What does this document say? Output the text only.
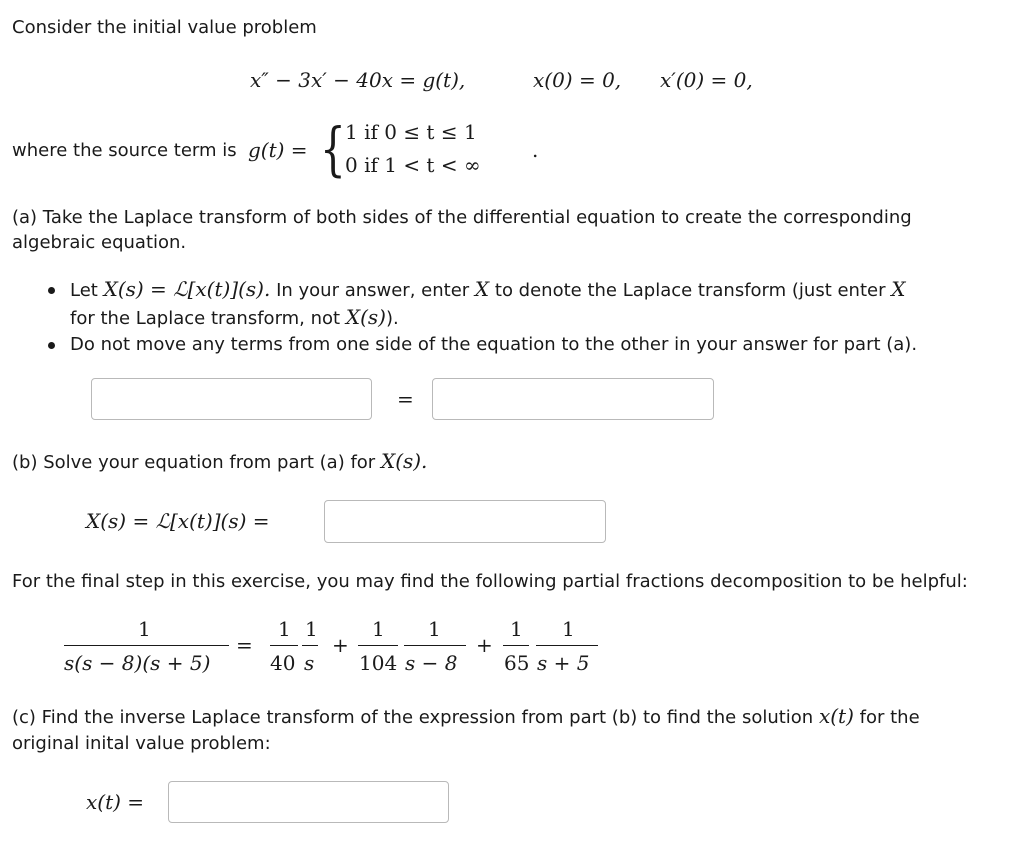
Consider the initial value problem
x″ − 3x′ − 40x = g(t),	x(0) = 0, x′(0) = 0,
where the source term is g(t) = { 1 if 0 ≤ t ≤ 1
0 if 1 < t < ∞
.
(a) Take the Laplace transform of both sides of the differential equation to create the corresponding
algebraic equation.
Let X(s) = ℒ[x(t)](s). In your answer, enter X to denote the Laplace transform (just enter X
for the Laplace transform, not X(s)).
Do not move any terms from one side of the equation to the other in your answer for part (a).
=
(b) Solve your equation from part (a) for X(s).
X(s) = ℒ[x(t)](s) =
For the final step in this exercise, you may find the following partial fractions decomposition to be helpful:
1
s(s − 8)(s + 5)
=
1
40
1
s
+
1
104
1
s − 8
+
1
65
1
s + 5
(c) Find the inverse Laplace transform of the expression from part (b) to find the solution x(t) for the
original inital value problem:
x(t) =
